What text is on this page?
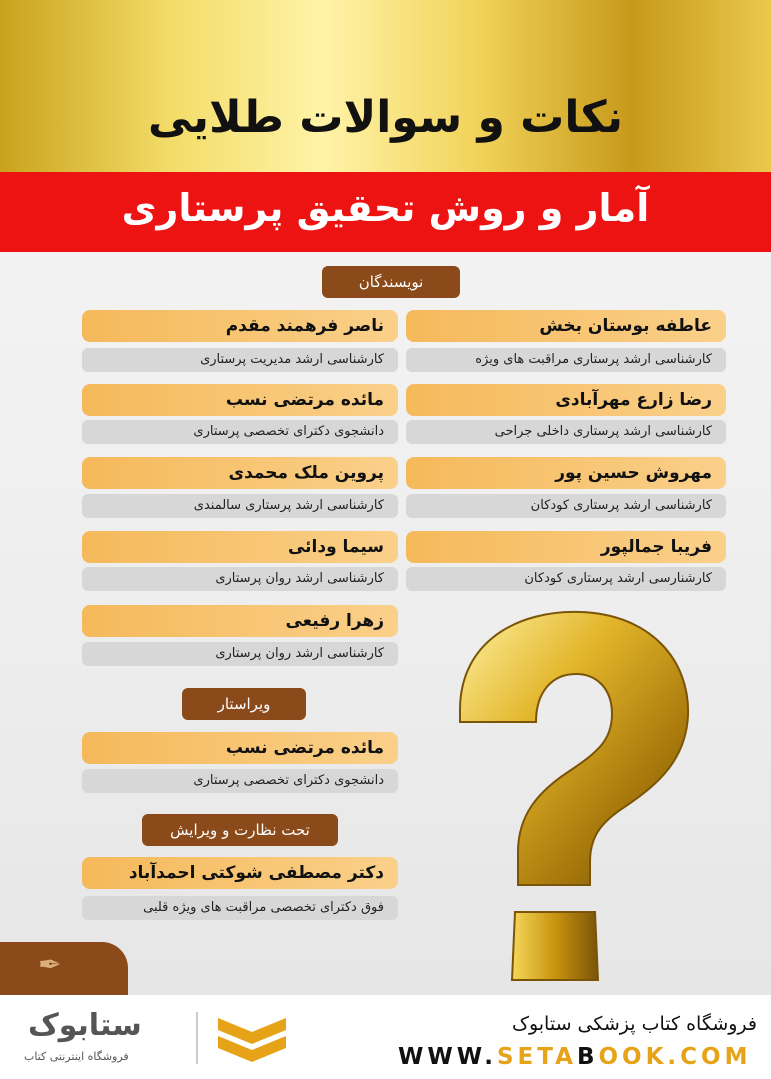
نکات و سوالات طلایی
آمار و روش تحقیق پرستاری
نویسندگان
عاطفه بوستان بخش
کارشناسی ارشد پرستاری مراقبت های ویژه
ناصر فرهمند مقدم
کارشناسی ارشد مدیریت پرستاری
رضا زارع مهرآبادی
کارشناسی ارشد پرستاری داخلی جراحی
مائده مرتضی نسب
دانشجوی دکترای تخصصی پرستاری
مهروش حسین پور
کارشناسی ارشد پرستاری کودکان
پروین ملک محمدی
کارشناسی ارشد پرستاری سالمندی
فریبا جمالپور
کارشنارسی ارشد پرستاری کودکان
سیما ودائی
کارشناسی ارشد روان پرستاری
زهرا رفیعی
کارشناسی ارشد روان پرستاری
ویراستار
مائده مرتضی نسب
دانشجوی دکترای تخصصی پرستاری
تحت نظارت و ویرایش
دکتر مصطفی شوکتی احمدآباد
فوق دکترای تخصصی مراقبت های ویژه قلبی
✒
فروشگاه کتاب پزشکی ستابوک
WWW.SETABOOK.COM
ستابوک
فروشگاه اینترنتی کتاب
